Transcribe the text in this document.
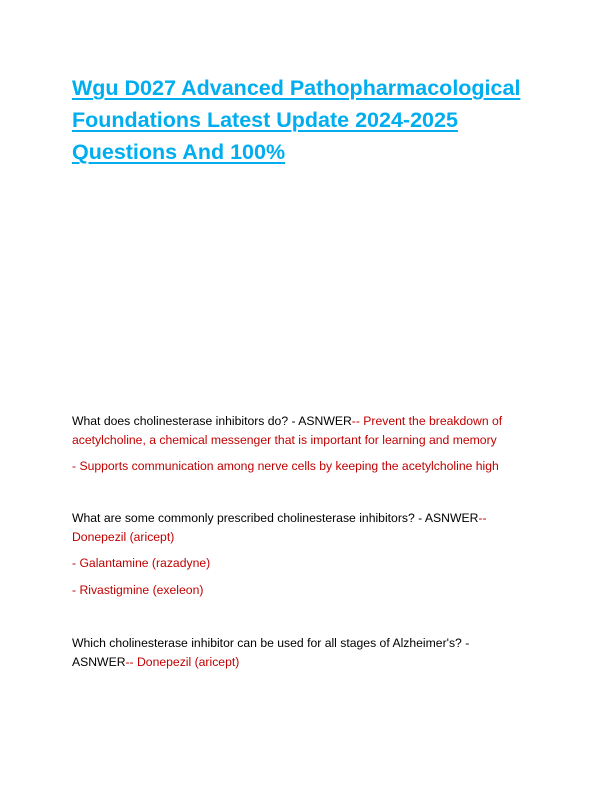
Wgu D027 Advanced Pathopharmacological
Foundations Latest Update 2024-2025
Questions And 100%

What does cholinesterase inhibitors do? - ASNWER-- Prevent the breakdown of

acetylcholine, a chemical messenger that is important for learning and memory

- Supports communication among nerve cells by keeping the acetylcholine high

What are some commonly prescribed cholinesterase inhibitors? - ASNWER--

Donepezil (aricept)

- Galantamine (razadyne)

- Rivastigmine (exeleon)

Which cholinesterase inhibitor can be used for all stages of Alzheimer's? -

ASNWER-- Donepezil (aricept)
